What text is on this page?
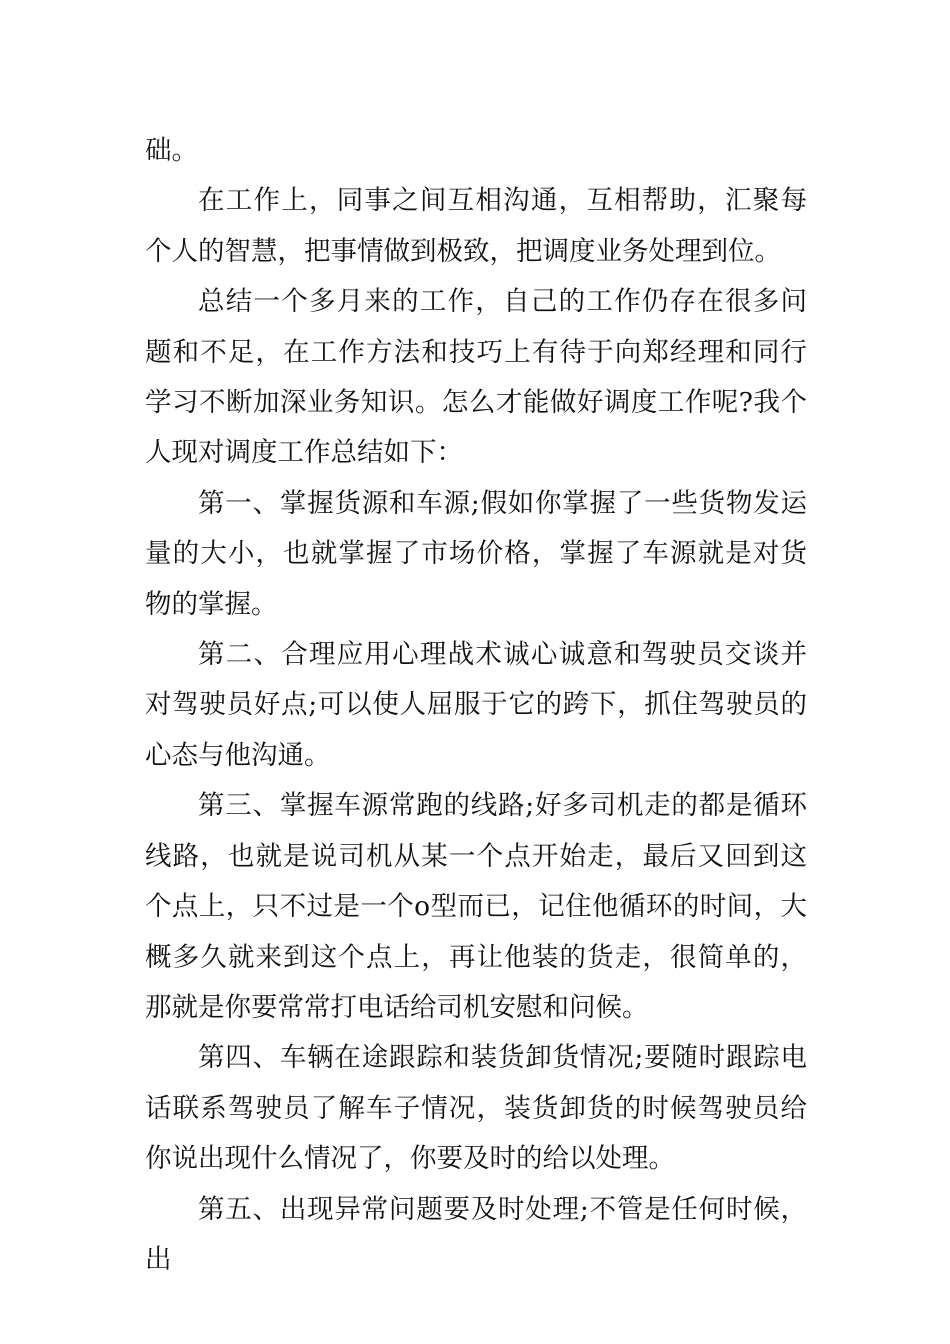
础。

在工作上，同事之间互相沟通，互相帮助，汇聚每个人的智慧，把事情做到极致，把调度业务处理到位。

总结一个多月来的工作，自己的工作仍存在很多问题和不足，在工作方法和技巧上有待于向郑经理和同行学习不断加深业务知识。怎么才能做好调度工作呢?我个人现对调度工作总结如下：

第一、掌握货源和车源;假如你掌握了一些货物发运量的大小，也就掌握了市场价格，掌握了车源就是对货物的掌握。

第二、合理应用心理战术诚心诚意和驾驶员交谈并对驾驶员好点;可以使人屈服于它的跨下，抓住驾驶员的心态与他沟通。

第三、掌握车源常跑的线路;好多司机走的都是循环线路，也就是说司机从某一个点开始走，最后又回到这个点上，只不过是一个o型而已，记住他循环的时间，大概多久就来到这个点上，再让他装的货走，很简单的，那就是你要常常打电话给司机安慰和问候。

第四、车辆在途跟踪和装货卸货情况;要随时跟踪电话联系驾驶员了解车子情况，装货卸货的时候驾驶员给你说出现什么情况了，你要及时的给以处理。

第五、出现异常问题要及时处理;不管是任何时候，出
